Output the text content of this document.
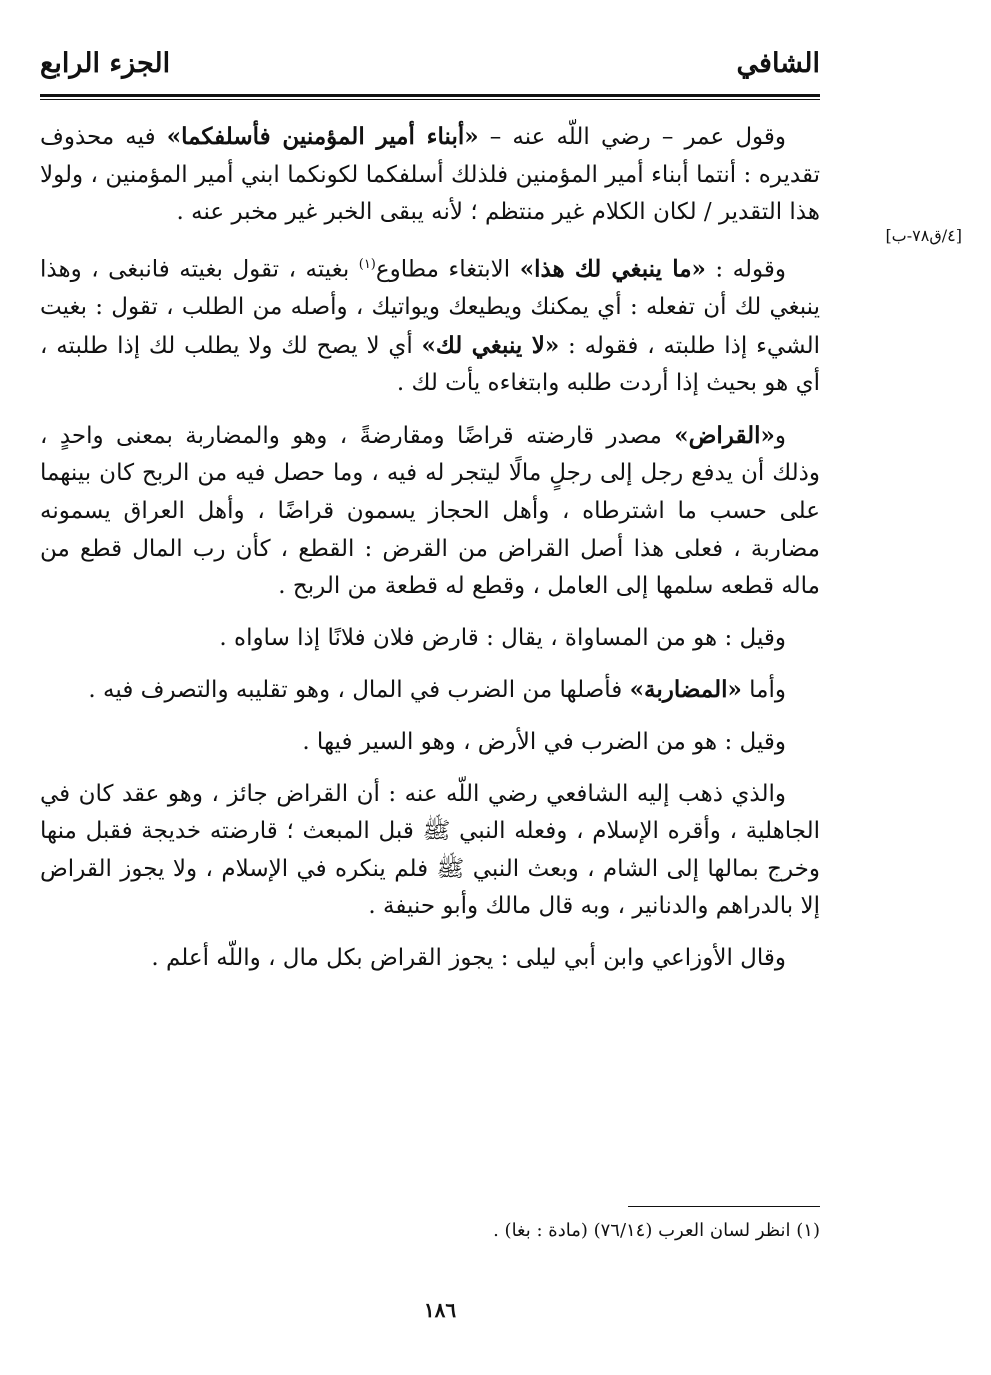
الشافي
الجزء الرابع
[٤/ق٧٨-ب]

وقول عمر – رضي اللّه عنه – «أبناء أمير المؤمنين فأسلفكما» فيه محذوف تقديره : أنتما أبناء أمير المؤمنين فلذلك أسلفكما لكونكما ابني أمير المؤمنين ، ولولا هذا التقدير / لكان الكلام غير منتظم ؛ لأنه يبقى الخبر غير مخبر عنه .

وقوله : «ما ينبغي لك هذا» الابتغاء مطاوع$^{(١)}$ بغيته ، تقول بغيته فانبغى ، وهذا ينبغي لك أن تفعله : أي يمكنك ويطيعك ويواتيك ، وأصله من الطلب ، تقول : بغيت الشيء إذا طلبته ، فقوله : «لا ينبغي لك» أي لا يصح لك ولا يطلب لك إذا طلبته ، أي هو بحيث إذا أردت طلبه وابتغاءه يأت لك .

و«القراض» مصدر قارضته قراضًا ومقارضةً ، وهو والمضاربة بمعنى واحدٍ ، وذلك أن يدفع رجل إلى رجلٍ مالًا ليتجر له فيه ، وما حصل فيه من الربح كان بينهما على حسب ما اشترطاه ، وأهل الحجاز يسمون قراضًا ، وأهل العراق يسمونه مضاربة ، فعلى هذا أصل القراض من القرض : القطع ، كأن رب المال قطع من ماله قطعه سلمها إلى العامل ، وقطع له قطعة من الربح .

وقيل : هو من المساواة ، يقال : قارض فلان فلانًا إذا ساواه .

وأما «المضاربة» فأصلها من الضرب في المال ، وهو تقليبه والتصرف فيه .

وقيل : هو من الضرب في الأرض ، وهو السير فيها .

والذي ذهب إليه الشافعي رضي اللّه عنه : أن القراض جائز ، وهو عقد كان في الجاهلية ، وأقره الإسلام ، وفعله النبي ﷺ قبل المبعث ؛ قارضته خديجة فقبل منها وخرج بمالها إلى الشام ، وبعث النبي ﷺ فلم ينكره في الإسلام ، ولا يجوز القراض إلا بالدراهم والدنانير ، وبه قال مالك وأبو حنيفة .

وقال الأوزاعي وابن أبي ليلى : يجوز القراض بكل مال ، واللّه أعلم .

(١) انظر لسان العرب (٧٦/١٤) (مادة : بغا) .
١٨٦
